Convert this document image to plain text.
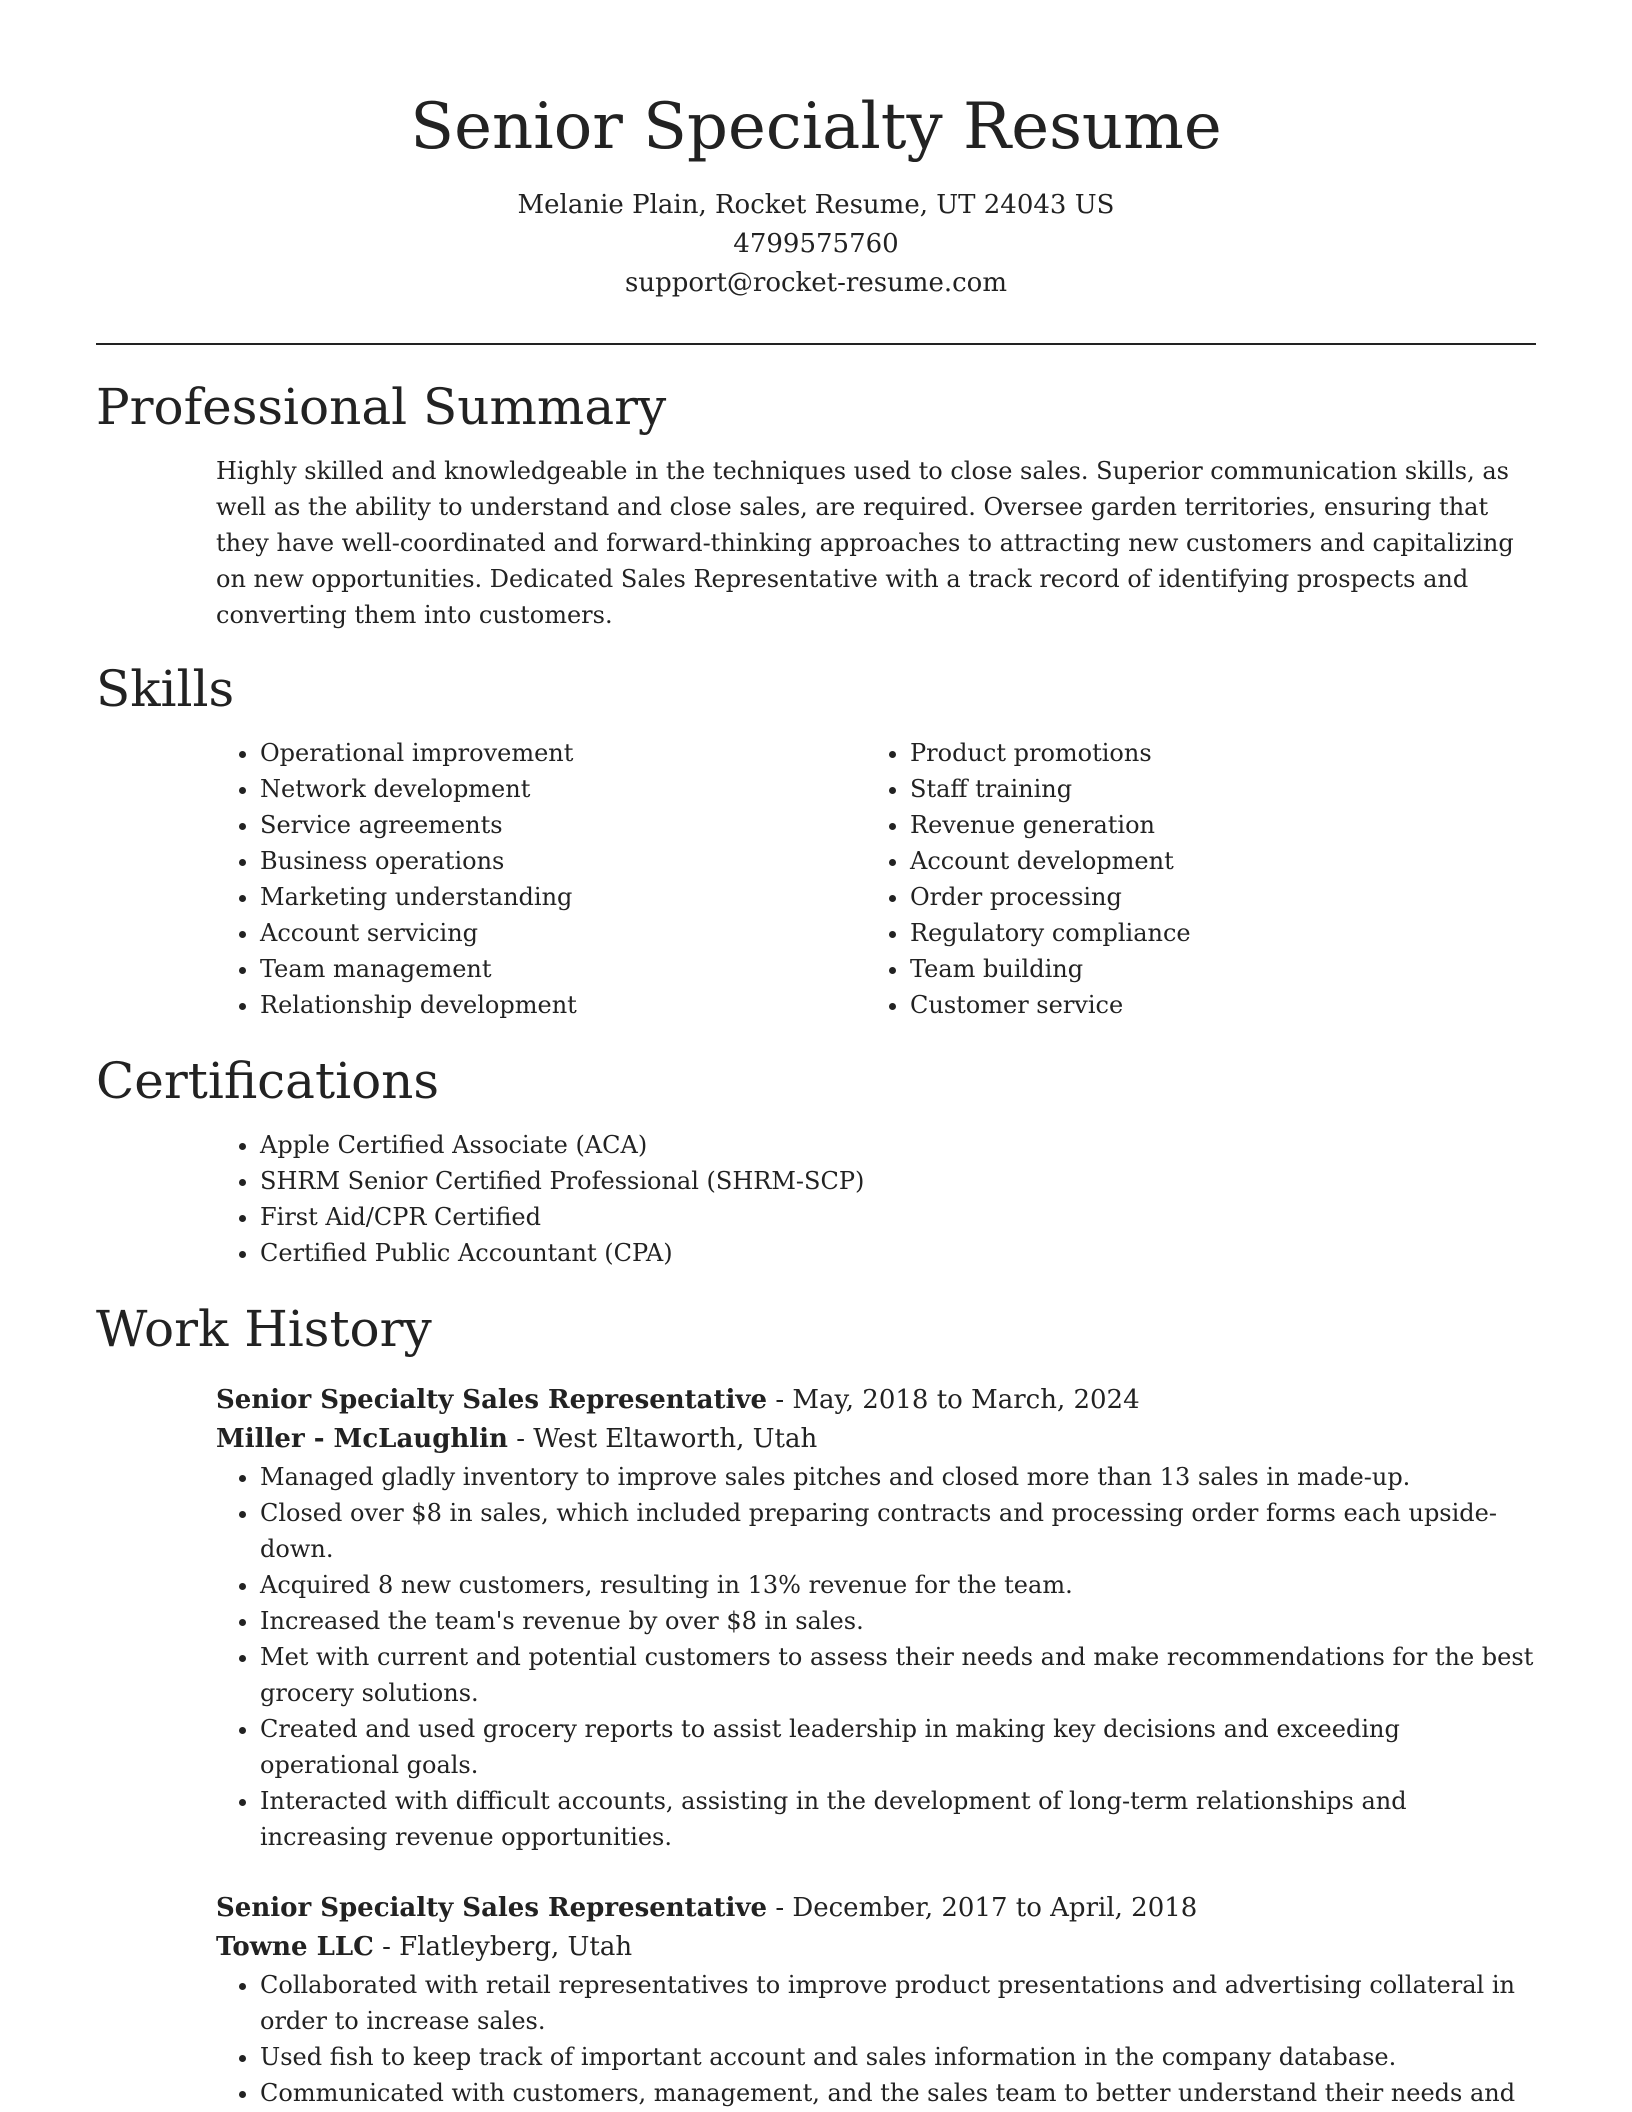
Senior Specialty Resume
Melanie Plain, Rocket Resume, UT 24043 US
4799575760
support@rocket-resume.com
Professional Summary

Highly skilled and knowledgeable in the techniques used to close sales. Superior communication skills, as well as the ability to understand and close sales, are required. Oversee garden territories, ensuring that they have well-coordinated and forward-thinking approaches to attracting new customers and capitalizing on new opportunities. Dedicated Sales Representative with a track record of identifying prospects and converting them into customers.

Skills
• Operational improvement
• Network development
• Service agreements
• Business operations
• Marketing understanding
• Account servicing
• Team management
• Relationship development
• Product promotions
• Staff training
• Revenue generation
• Account development
• Order processing
• Regulatory compliance
• Team building
• Customer service
Certifications
• Apple Certified Associate (ACA)
• SHRM Senior Certified Professional (SHRM-SCP)
• First Aid/CPR Certified
• Certified Public Accountant (CPA)
Work History
Senior Specialty Sales Representative - May, 2018 to March, 2024
Miller - McLaughlin - West Eltaworth, Utah
• Managed gladly inventory to improve sales pitches and closed more than 13 sales in made-up.
• Closed over $8 in sales, which included preparing contracts and processing order forms each upside-down.
• Acquired 8 new customers, resulting in 13% revenue for the team.
• Increased the team's revenue by over $8 in sales.
• Met with current and potential customers to assess their needs and make recommendations for the best grocery solutions.
• Created and used grocery reports to assist leadership in making key decisions and exceeding operational goals.
• Interacted with difficult accounts, assisting in the development of long-term relationships and increasing revenue opportunities.
Senior Specialty Sales Representative - December, 2017 to April, 2018
Towne LLC - Flatleyberg, Utah
• Collaborated with retail representatives to improve product presentations and advertising collateral in order to increase sales.
• Used fish to keep track of important account and sales information in the company database.
• Communicated with customers, management, and the sales team to better understand their needs and
